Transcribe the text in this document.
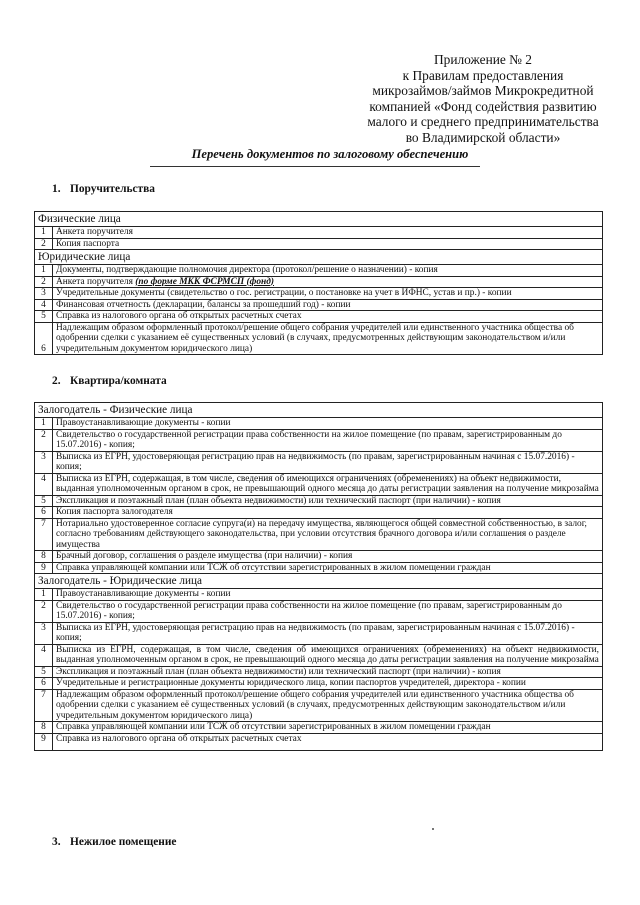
Приложение № 2
к Правилам предоставления
микрозаймов/займов Микрокредитной
компанией «Фонд содействия развитию
малого и среднего предпринимательства
во Владимирской области»
Перечень документов по залоговому обеспечению
1. Поручительства
Физические лица	
1	Анкета поручителя
2	Копия паспорта
Юридические лица	
1	Документы, подтверждающие полномочия директора (протокол/решение о назначении) - копия
2	Анкета поручителя (по форме МКК ФСРМСП (фонд)
3	Учредительные документы (свидетельство о гос. регистрации, о постановке на учет в ИФНС, устав и пр.) - копии
4	Финансовая отчетность (декларации, балансы за прошедший год) - копии
5	Справка из налогового органа об открытых расчетных счетах
6	Надлежащим образом оформленный протокол/решение общего собрания учредителей или единственного участника общества об одобрении сделки с указанием её существенных условий (в случаях, предусмотренных действующим законодательством и/или учредительным документом юридического лица)
2. Квартира/комната
Залогодатель - Физические лица	
1	Правоустанавливающие документы - копии
2	Свидетельство о государственной регистрации права собственности на жилое помещение (по правам, зарегистрированным до 15.07.2016) - копия;
3	Выписка из ЕГРН, удостоверяющая регистрацию прав на недвижимость (по правам, зарегистрированным начиная с 15.07.2016) - копия;
4	Выписка из ЕГРН, содержащая, в том числе, сведения об имеющихся ограничениях (обременениях) на объект недвижимости, выданная уполномоченным органом в срок, не превышающий одного месяца до даты регистрации заявления на получение микрозайма
5	Экспликация и поэтажный план (план объекта недвижимости) или технический паспорт (при наличии) - копия
6	Копия паспорта залогодателя
7	Нотариально удостоверенное согласие супруга(и) на передачу имущества, являющегося общей совместной собственностью, в залог, согласно требованиям действующего законодательства, при условии отсутствия брачного договора и/или соглашения о разделе имущества
8	Брачный договор, соглашения о разделе имущества (при наличии) - копия
9	Справка управляющей компании или ТСЖ об отсутствии зарегистрированных в жилом помещении граждан
Залогодатель - Юридические лица	
1	Правоустанавливающие документы - копии
2	Свидетельство о государственной регистрации права собственности на жилое помещение (по правам, зарегистрированным до 15.07.2016) - копия;
3	Выписка из ЕГРН, удостоверяющая регистрацию прав на недвижимость (по правам, зарегистрированным начиная с 15.07.2016) - копия;
4	Выписка из ЕГРН, содержащая, в том числе, сведения об имеющихся ограничениях (обременениях) на объект недвижимости, выданная уполномоченным органом в срок, не превышающий одного месяца до даты регистрации заявления на получение микрозайма
5	Экспликация и поэтажный план (план объекта недвижимости) или технический паспорт (при наличии) - копия
6	Учредительные и регистрационные документы юридического лица, копии паспортов учредителей, директора - копии
7	Надлежащим образом оформленный протокол/решение общего собрания учредителей или единственного участника общества об одобрении сделки с указанием её существенных условий (в случаях, предусмотренных действующим законодательством и/или учредительным документом юридического лица)
8	Справка управляющей компании или ТСЖ об отсутствии зарегистрированных в жилом помещении граждан
9	Справка из налогового органа об открытых расчетных счетах
3. Нежилое помещение
